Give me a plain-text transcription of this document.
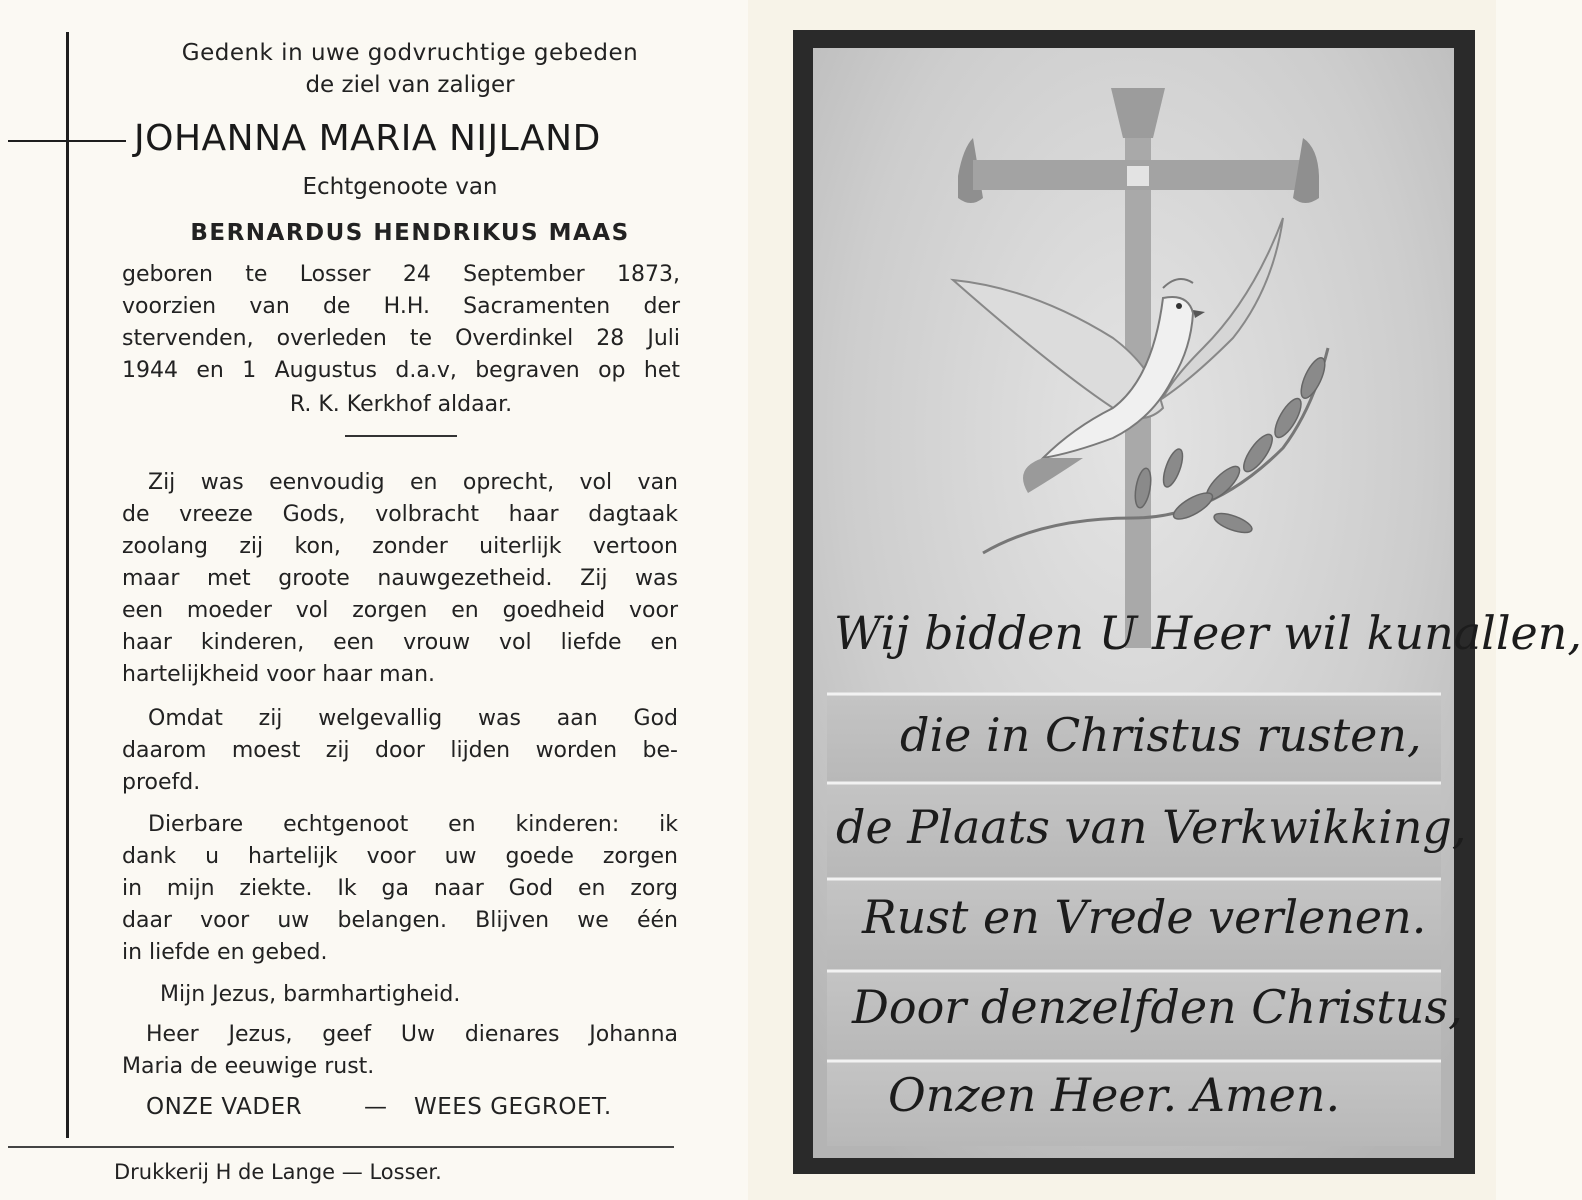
Gedenk in uwe godvruchtige gebeden
de ziel van zaliger
JOHANNA MARIA NIJLAND
Echtgenoote van
BERNARDUS HENDRIKUS MAAS
geboren te Losser 24 September 1873,
voorzien van de H.H. Sacramenten der
stervenden, overleden te Overdinkel 28 Juli
1944 en 1 Augustus d.a.v, begraven op het
R. K. Kerkhof aldaar.
Zij was eenvoudig en oprecht, vol van
de vreeze Gods, volbracht haar dagtaak
zoolang zij kon, zonder uiterlijk vertoon
maar met groote nauwgezetheid. Zij was
een moeder vol zorgen en goedheid voor
haar kinderen, een vrouw vol liefde en
hartelijkheid voor haar man.
Omdat zij welgevallig was aan God
daarom moest zij door lijden worden be-
proefd.
Dierbare echtgenoot en kinderen: ik
dank u hartelijk voor uw goede zorgen
in mijn ziekte. Ik ga naar God en zorg
daar voor uw belangen. Blijven we één
in liefde en gebed.
Mijn Jezus, barmhartigheid.
Heer Jezus, geef Uw dienares Johanna
Maria de eeuwige rust.
ONZE VADER	— WEES GEGROET.
Drukkerij H de Lange — Losser.
Wij bidden U Heer wil kunallen,
die in Christus rusten,
de Plaats van Verkwikking,
Rust en Vrede verlenen.
Door denzelfden Christus,
Onzen Heer. Amen.
